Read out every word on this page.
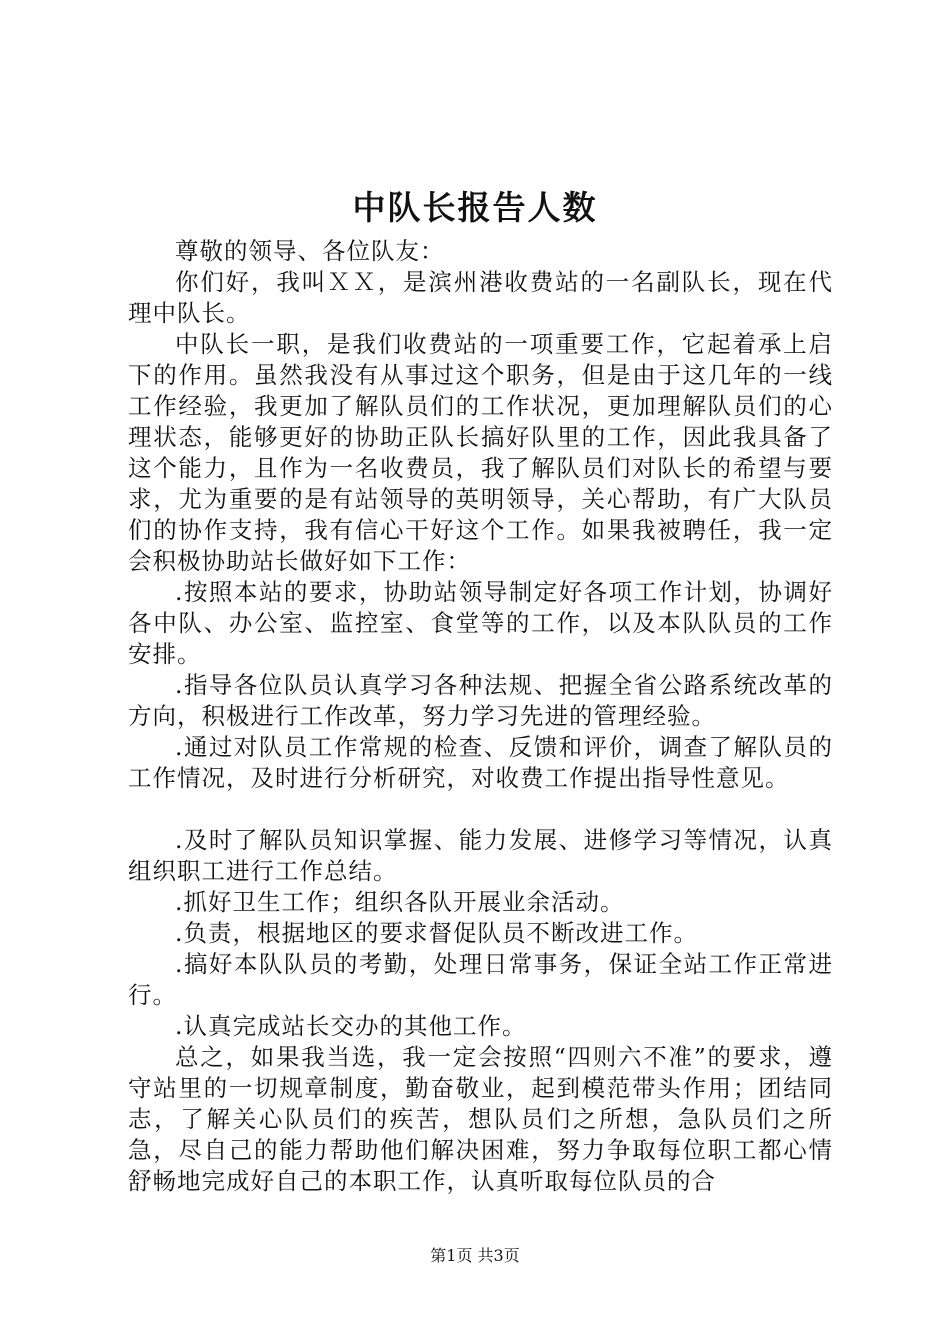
中队长报告人数

尊敬的领导、各位队友：

你们好，我叫ＸＸ，是滨州港收费站的一名副队长，现在代理中队长。

中队长一职，是我们收费站的一项重要工作，它起着承上启下的作用。虽然我没有从事过这个职务，但是由于这几年的一线工作经验，我更加了解队员们的工作状况，更加理解队员们的心理状态，能够更好的协助正队长搞好队里的工作，因此我具备了这个能力，且作为一名收费员，我了解队员们对队长的希望与要求，尤为重要的是有站领导的英明领导，关心帮助，有广大队员们的协作支持，我有信心干好这个工作。如果我被聘任，我一定会积极协助站长做好如下工作：

.按照本站的要求，协助站领导制定好各项工作计划，协调好各中队、办公室、监控室、食堂等的工作，以及本队队员的工作安排。

.指导各位队员认真学习各种法规、把握全省公路系统改革的方向，积极进行工作改革，努力学习先进的管理经验。

.通过对队员工作常规的检查、反馈和评价，调查了解队员的工作情况，及时进行分析研究，对收费工作提出指导性意见。

.及时了解队员知识掌握、能力发展、进修学习等情况，认真组织职工进行工作总结。

.抓好卫生工作；组织各队开展业余活动。

.负责，根据地区的要求督促队员不断改进工作。

.搞好本队队员的考勤，处理日常事务，保证全站工作正常进行。

.认真完成站长交办的其他工作。

总之，如果我当选，我一定会按照“四则六不准”的要求，遵守站里的一切规章制度，勤奋敬业，起到模范带头作用；团结同志，了解关心队员们的疾苦，想队员们之所想，急队员们之所急，尽自己的能力帮助他们解决困难，努力争取每位职工都心情舒畅地完成好自己的本职工作，认真听取每位队员的合

第1页 共3页
